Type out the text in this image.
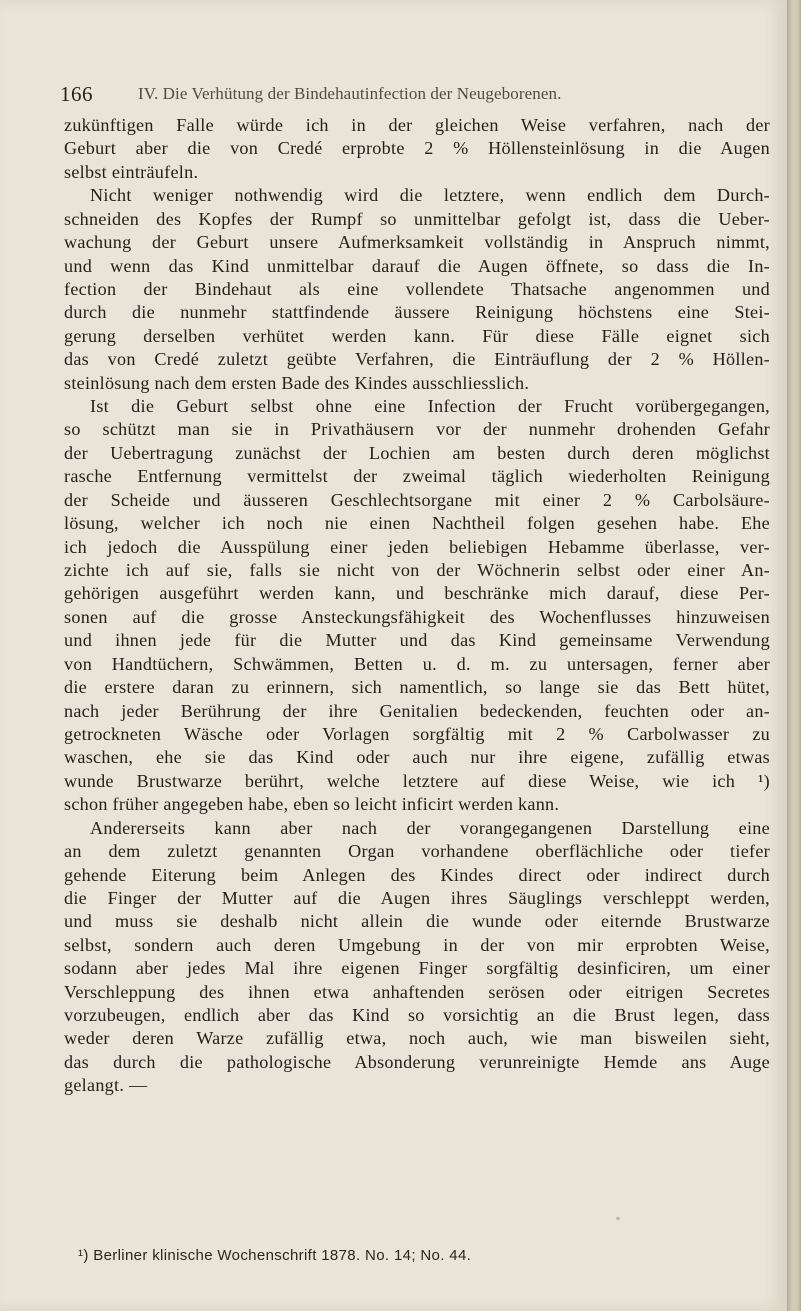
166	IV. Die Verhütung der Bindehautinfection der Neugeborenen.
zukünftigen Falle würde ich in der gleichen Weise verfahren, nach der
Geburt aber die von Credé erprobte 2 % Höllensteinlösung in die Augen
selbst einträufeln.
Nicht weniger nothwendig wird die letztere, wenn endlich dem Durch-
schneiden des Kopfes der Rumpf so unmittelbar gefolgt ist, dass die Ueber-
wachung der Geburt unsere Aufmerksamkeit vollständig in Anspruch nimmt,
und wenn das Kind unmittelbar darauf die Augen öffnete, so dass die In-
fection der Bindehaut als eine vollendete Thatsache angenommen und
durch die nunmehr stattfindende äussere Reinigung höchstens eine Stei-
gerung derselben verhütet werden kann. Für diese Fälle eignet sich
das von Credé zuletzt geübte Verfahren, die Einträuflung der 2 % Höllen-
steinlösung nach dem ersten Bade des Kindes ausschliesslich.
Ist die Geburt selbst ohne eine Infection der Frucht vorübergegangen,
so schützt man sie in Privathäusern vor der nunmehr drohenden Gefahr
der Uebertragung zunächst der Lochien am besten durch deren möglichst
rasche Entfernung vermittelst der zweimal täglich wiederholten Reinigung
der Scheide und äusseren Geschlechtsorgane mit einer 2 % Carbolsäure-
lösung, welcher ich noch nie einen Nachtheil folgen gesehen habe. Ehe
ich jedoch die Ausspülung einer jeden beliebigen Hebamme überlasse, ver-
zichte ich auf sie, falls sie nicht von der Wöchnerin selbst oder einer An-
gehörigen ausgeführt werden kann, und beschränke mich darauf, diese Per-
sonen auf die grosse Ansteckungsfähigkeit des Wochenflusses hinzuweisen
und ihnen jede für die Mutter und das Kind gemeinsame Verwendung
von Handtüchern, Schwämmen, Betten u. d. m. zu untersagen, ferner aber
die erstere daran zu erinnern, sich namentlich, so lange sie das Bett hütet,
nach jeder Berührung der ihre Genitalien bedeckenden, feuchten oder an-
getrockneten Wäsche oder Vorlagen sorgfältig mit 2 % Carbolwasser zu
waschen, ehe sie das Kind oder auch nur ihre eigene, zufällig etwas
wunde Brustwarze berührt, welche letztere auf diese Weise, wie ich ¹)
schon früher angegeben habe, eben so leicht inficirt werden kann.
Andererseits kann aber nach der vorangegangenen Darstellung eine
an dem zuletzt genannten Organ vorhandene oberflächliche oder tiefer
gehende Eiterung beim Anlegen des Kindes direct oder indirect durch
die Finger der Mutter auf die Augen ihres Säuglings verschleppt werden,
und muss sie deshalb nicht allein die wunde oder eiternde Brustwarze
selbst, sondern auch deren Umgebung in der von mir erprobten Weise,
sodann aber jedes Mal ihre eigenen Finger sorgfältig desinficiren, um einer
Verschleppung des ihnen etwa anhaftenden serösen oder eitrigen Secretes
vorzubeugen, endlich aber das Kind so vorsichtig an die Brust legen, dass
weder deren Warze zufällig etwa, noch auch, wie man bisweilen sieht,
das durch die pathologische Absonderung verunreinigte Hemde ans Auge
gelangt. —
¹) Berliner klinische Wochenschrift 1878. No. 14; No. 44.
